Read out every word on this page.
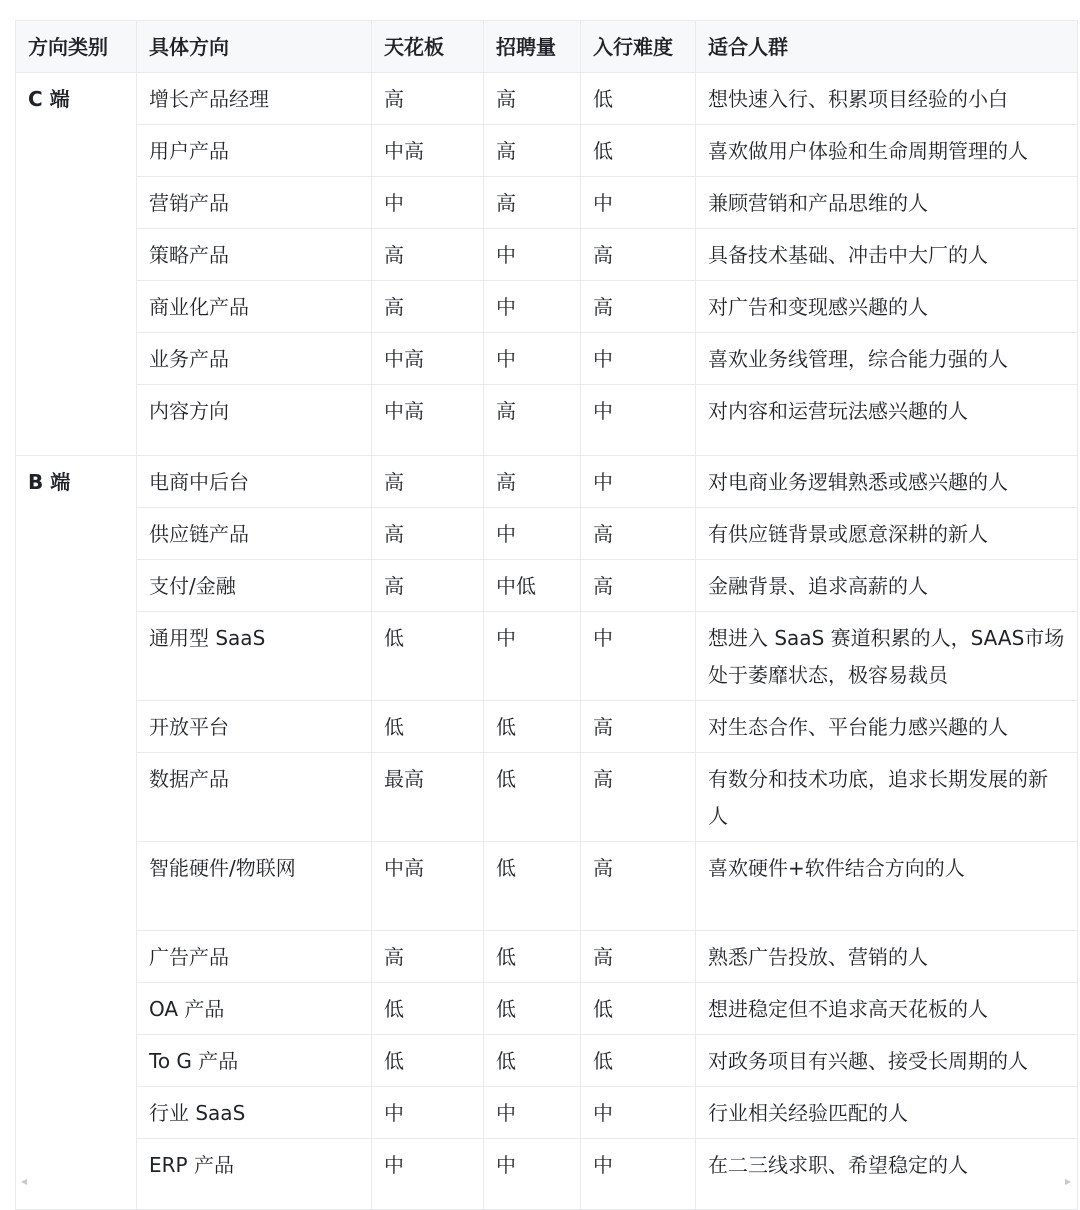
方向类别	具体方向	天花板	招聘量	入行难度	适合人群
C 端	增长产品经理	高	高	低	想快速入行、积累项目经验的小白
	用户产品	中高	高	低	喜欢做用户体验和生命周期管理的人
	营销产品	中	高	中	兼顾营销和产品思维的人
	策略产品	高	中	高	具备技术基础、冲击中大厂的人
	商业化产品	高	中	高	对广告和变现感兴趣的人
	业务产品	中高	中	中	喜欢业务线管理，综合能力强的人
	内容方向	中高	高	中	对内容和运营玩法感兴趣的人
B 端	电商中后台	高	高	中	对电商业务逻辑熟悉或感兴趣的人
	供应链产品	高	中	高	有供应链背景或愿意深耕的新人
	支付/金融	高	中低	高	金融背景、追求高薪的人
	通用型 SaaS	低	中	中	想进入 SaaS 赛道积累的人，SAAS市场处于萎靡状态，极容易裁员
	开放平台	低	低	高	对生态合作、平台能力感兴趣的人
	数据产品	最高	低	高	有数分和技术功底，追求长期发展的新人
	智能硬件/物联网	中高	低	高	喜欢硬件+软件结合方向的人
	广告产品	高	低	高	熟悉广告投放、营销的人
	OA 产品	低	低	低	想进稳定但不追求高天花板的人
	To G 产品	低	低	低	对政务项目有兴趣、接受长周期的人
	行业 SaaS	中	中	中	行业相关经验匹配的人
	ERP 产品	中	中	中	在二三线求职、希望稳定的人
◀	▶
